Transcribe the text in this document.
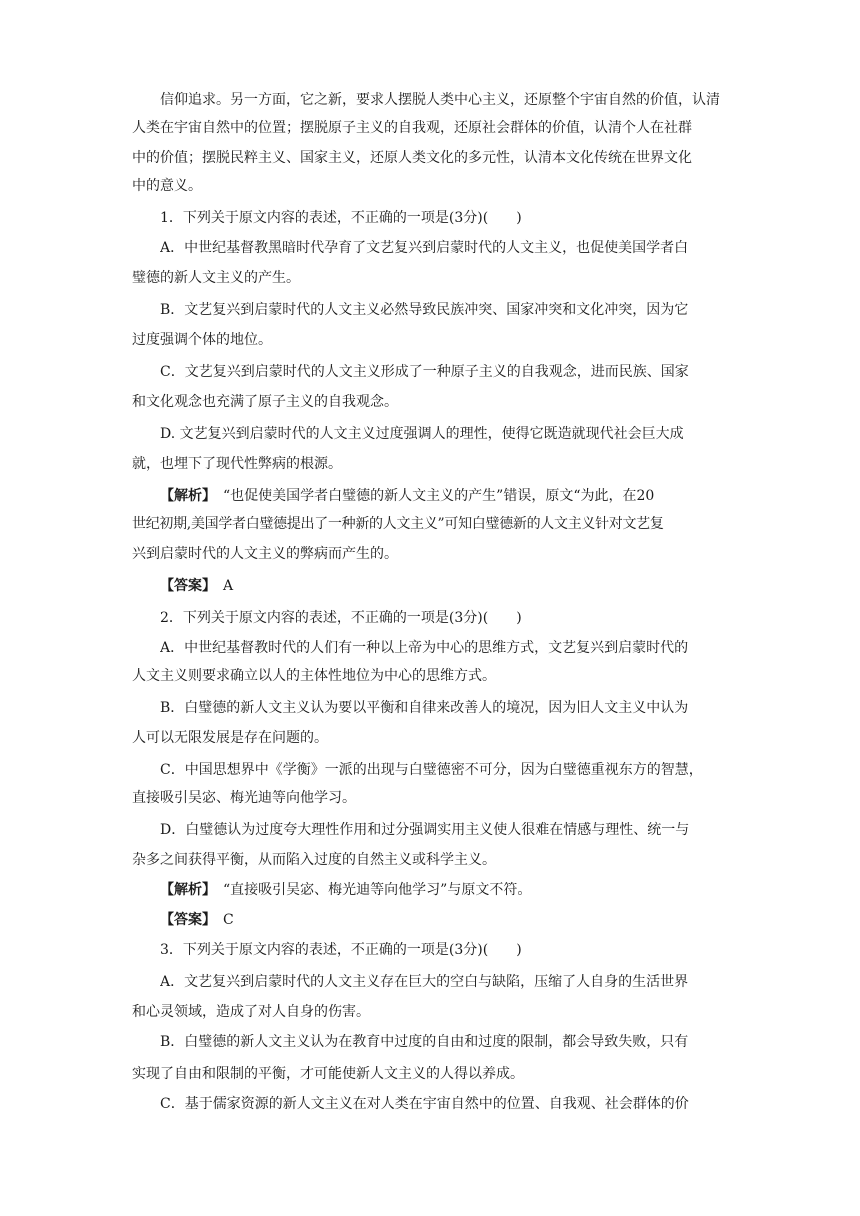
信仰追求。另一方面，它之新，要求人摆脱人类中心主义，还原整个宇宙自然的价值，认清
人类在宇宙自然中的位置；摆脱原子主义的自我观，还原社会群体的价值，认清个人在社群
中的价值；摆脱民粹主义、国家主义，还原人类文化的多元性，认清本文化传统在世界文化
中的意义。
1．下列关于原文内容的表述，不正确的一项是(3分)(　　)
A．中世纪基督教黑暗时代孕育了文艺复兴到启蒙时代的人文主义，也促使美国学者白
璧德的新人文主义的产生。
B．文艺复兴到启蒙时代的人文主义必然导致民族冲突、国家冲突和文化冲突，因为它
过度强调个体的地位。
C．文艺复兴到启蒙时代的人文主义形成了一种原子主义的自我观念，进而民族、国家
和文化观念也充满了原子主义的自我观念。
D. 文艺复兴到启蒙时代的人文主义过度强调人的理性，使得它既造就现代社会巨大成
就，也埋下了现代性弊病的根源。
【解析】　“也促使美国学者白璧德的新人文主义的产生”错误，原文“为此，在20
世纪初期,美国学者白璧德提出了一种新的人文主义”可知白璧德新的人文主义针对文艺复
兴到启蒙时代的人文主义的弊病而产生的。
【答案】　A
2．下列关于原文内容的表述，不正确的一项是(3分)(　　)
A．中世纪基督教时代的人们有一种以上帝为中心的思维方式，文艺复兴到启蒙时代的
人文主义则要求确立以人的主体性地位为中心的思维方式。
B．白璧德的新人文主义认为要以平衡和自律来改善人的境况，因为旧人文主义中认为
人可以无限发展是存在问题的。
C．中国思想界中《学衡》一派的出现与白璧德密不可分，因为白璧德重视东方的智慧，
直接吸引吴宓、梅光迪等向他学习。
D．白璧德认为过度夸大理性作用和过分强调实用主义使人很难在情感与理性、统一与
杂多之间获得平衡，从而陷入过度的自然主义或科学主义。
【解析】　“直接吸引吴宓、梅光迪等向他学习”与原文不符。
【答案】　C
3．下列关于原文内容的表述，不正确的一项是(3分)(　　)
A．文艺复兴到启蒙时代的人文主义存在巨大的空白与缺陷，压缩了人自身的生活世界
和心灵领域，造成了对人自身的伤害。
B．白璧德的新人文主义认为在教育中过度的自由和过度的限制，都会导致失败，只有
实现了自由和限制的平衡，才可能使新人文主义的人得以养成。
C．基于儒家资源的新人文主义在对人类在宇宙自然中的位置、自我观、社会群体的价
